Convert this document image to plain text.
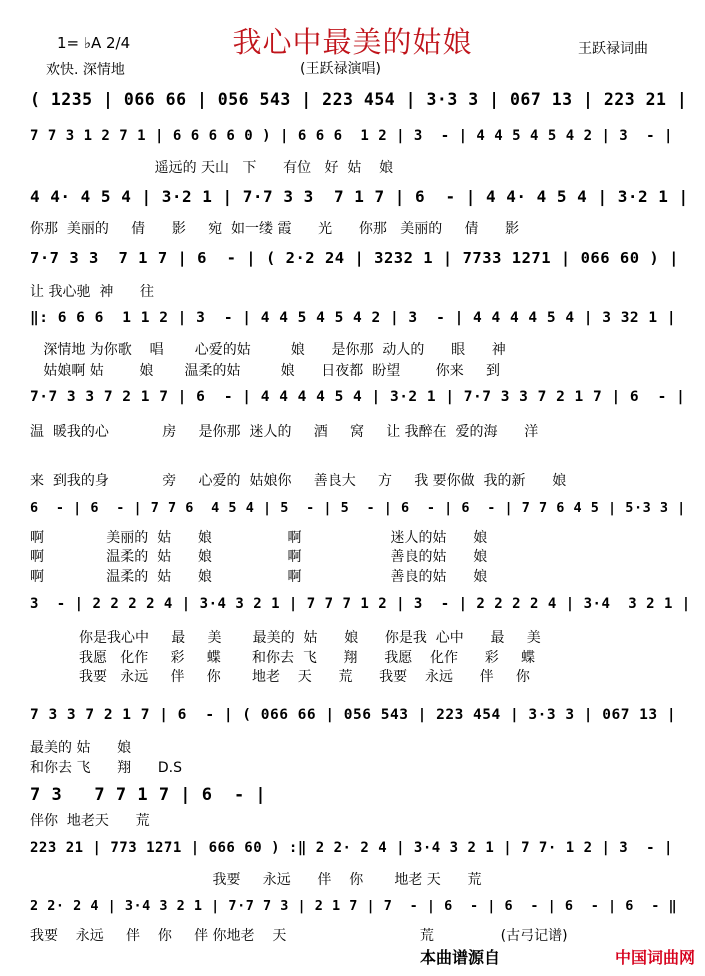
我心中最美的姑娘
1= ♭A 2/4
欢快. 深情地	(王跃禄演唱)
王跃禄词曲
( 1235 | 066 66 | 056 543 | 223 454 | 3·3 3 | 067 13 | 223 21 |
7 7 3 1 2 7 1 | 6 6 6 6 0 ) | 6 6 6  1 2 | 3  - | 4 4 5 4 5 4 2 | 3  - |
遥远的 天山   下      有位   好  姑    娘
4 4· 4 5 4 | 3·2 1 | 7·7 3 3  7 1 7 | 6  - | 4 4· 4 5 4 | 3·2 1 |
你那  美丽的     倩      影     宛  如一缕 霞      光      你那   美丽的     倩      影
7·7 3 3  7 1 7 | 6  - | ( 2·2 24 | 3232 1 | 7733 1271 | 066 60 ) |
让 我心驰  神      往
‖: 6 6 6  1 1 2 | 3  - | 4 4 5 4 5 4 2 | 3  - | 4 4 4 4 5 4 | 3 32 1 |
深情地 为你歌    唱       心爱的姑         娘      是你那  动人的      眼      神
姑娘啊 姑        娘       温柔的姑         娘      日夜都  盼望        你来     到
7·7 3 3 7 2 1 7 | 6  - | 4 4 4 4 5 4 | 3·2 1 | 7·7 3 3 7 2 1 7 | 6  - |
温  暖我的心            房     是你那  迷人的     酒     窝     让 我醉在  爱的海      洋
来  到我的身            旁     心爱的  姑娘你     善良大     方     我 要你做  我的新      娘
6  - | 6  - | 7 7 6  4 5 4 | 5  - | 5  - | 6  - | 6  - | 7 7 6 4 5 | 5·3 3 |
啊              美丽的  姑      娘                 啊                    迷人的姑      娘
啊              温柔的  姑      娘                 啊                    善良的姑      娘
啊              温柔的  姑      娘                 啊                    善良的姑      娘
3  - | 2 2 2 2 4 | 3·4 3 2 1 | 7 7 7 1 2 | 3  - | 2 2 2 2 4 | 3·4  3 2 1 |
你是我心中     最     美       最美的  姑      娘      你是我  心中      最     美
我愿   化作     彩     蝶       和你去  飞      翔      我愿    化作      彩     蝶
我要   永远     伴     你       地老    天      荒      我要    永远      伴     你
7 3 3 7 2 1 7 | 6  - | ( 066 66 | 056 543 | 223 454 | 3·3 3 | 067 13 |
最美的 姑      娘
和你去 飞      翔      D.S
7 3   7 7 1 7 | 6  - |
伴你  地老天      荒
223 21 | 773 1271 | 666 60 ) :‖ 2 2· 2 4 | 3·4 3 2 1 | 7 7· 1 2 | 3  - |
我要     永远      伴    你       地老 天      荒
2 2· 2 4 | 3·4 3 2 1 | 7·7 7 3 | 2 1 7 | 7  - | 6  - | 6  - | 6  - | 6  - ‖
我要    永远     伴    你     伴 你地老    天                              荒               (古弓记谱)
本曲谱源自	中国词曲网
